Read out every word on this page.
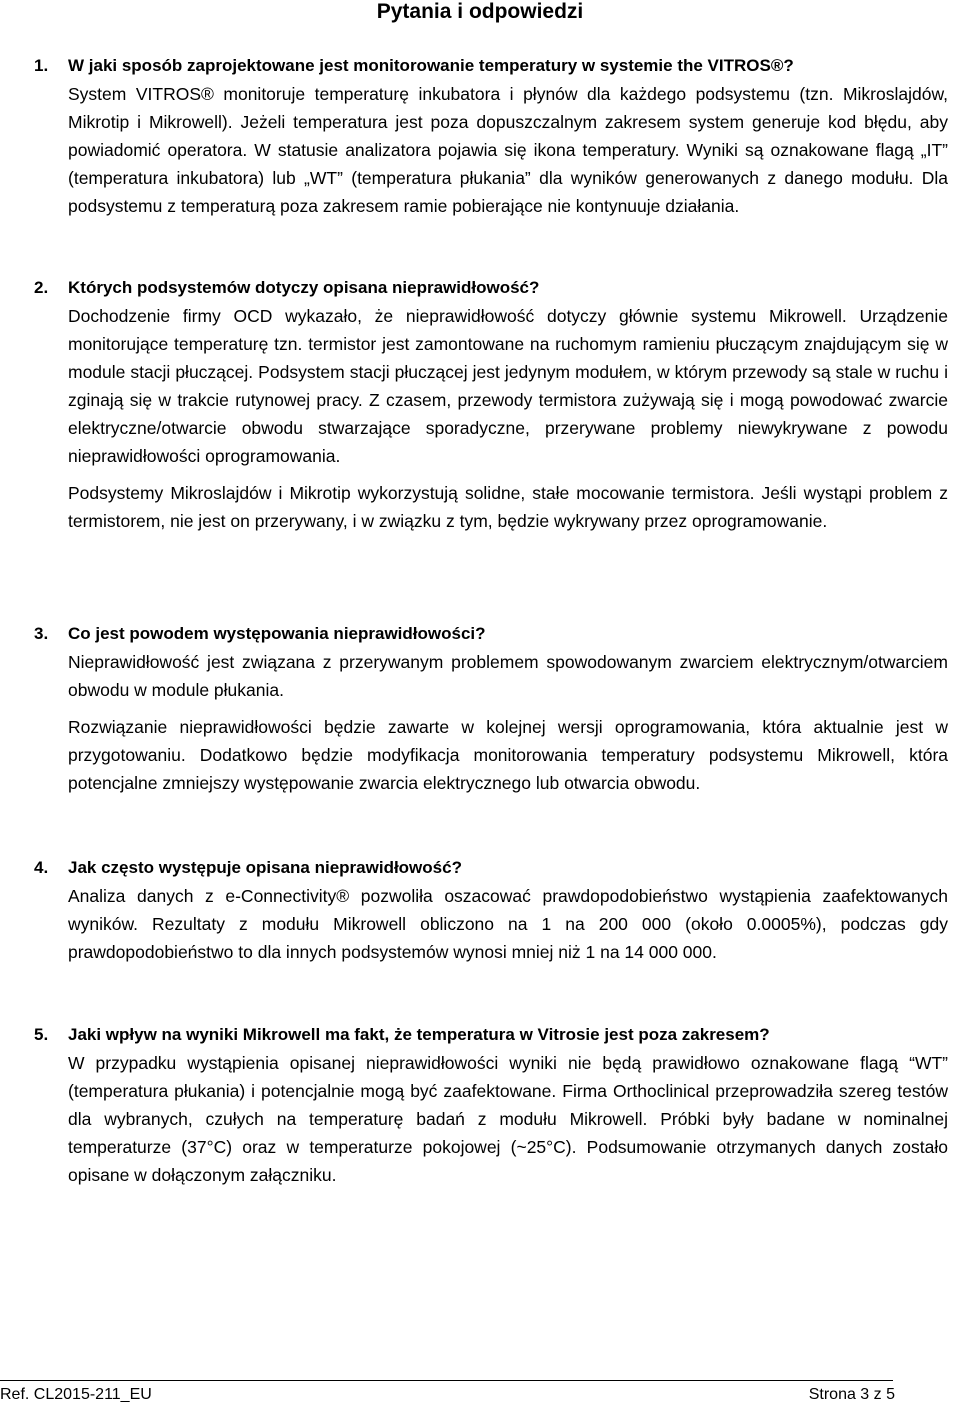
Pytania i odpowiedzi
1. W jaki sposób zaprojektowane jest monitorowanie temperatury w systemie the VITROS®?

System VITROS® monitoruje temperaturę inkubatora i płynów dla każdego podsystemu (tzn. Mikroslajdów, Mikrotip i Mikrowell). Jeżeli temperatura jest poza dopuszczalnym zakresem system generuje kod błędu, aby powiadomić operatora. W statusie analizatora pojawia się ikona temperatury. Wyniki są oznakowane flagą „IT” (temperatura inkubatora) lub „WT” (temperatura płukania” dla wyników generowanych z danego modułu. Dla podsystemu z temperaturą poza zakresem ramie pobierające nie kontynuuje działania.

2. Których podsystemów dotyczy opisana nieprawidłowość?

Dochodzenie firmy OCD wykazało, że nieprawidłowość dotyczy głównie systemu Mikrowell. Urządzenie monitorujące temperaturę tzn. termistor jest zamontowane na ruchomym ramieniu płuczącym znajdującym się w module stacji płuczącej. Podsystem stacji płuczącej jest jedynym modułem, w którym przewody są stale w ruchu i zginają się w trakcie rutynowej pracy. Z czasem, przewody termistora zużywają się i mogą powodować zwarcie elektryczne/otwarcie obwodu stwarzające sporadyczne, przerywane problemy niewykrywane z powodu nieprawidłowości oprogramowania.

Podsystemy Mikroslajdów i Mikrotip wykorzystują solidne, stałe mocowanie termistora. Jeśli wystąpi problem z termistorem, nie jest on przerywany, i w związku z tym, będzie wykrywany przez oprogramowanie.

3. Co jest powodem występowania nieprawidłowości?

Nieprawidłowość jest związana z przerywanym problemem spowodowanym zwarciem elektrycznym/otwarciem obwodu w module płukania.

Rozwiązanie nieprawidłowości będzie zawarte w kolejnej wersji oprogramowania, która aktualnie jest w przygotowaniu. Dodatkowo będzie modyfikacja monitorowania temperatury podsystemu Mikrowell, która potencjalne zmniejszy występowanie zwarcia elektrycznego lub otwarcia obwodu.

4. Jak często występuje opisana nieprawidłowość?

Analiza danych z e-Connectivity® pozwoliła oszacować prawdopodobieństwo wystąpienia zaafektowanych wyników. Rezultaty z modułu Mikrowell obliczono na 1 na 200 000 (około 0.0005%), podczas gdy prawdopodobieństwo to dla innych podsystemów wynosi mniej niż 1 na 14 000 000.

5. Jaki wpływ na wyniki Mikrowell ma fakt, że temperatura w Vitrosie jest poza zakresem?

W przypadku wystąpienia opisanej nieprawidłowości wyniki nie będą prawidłowo oznakowane flagą “WT” (temperatura płukania) i potencjalnie mogą być zaafektowane. Firma Orthoclinical przeprowadziła szereg testów dla wybranych, czułych na temperaturę badań z modułu Mikrowell. Próbki były badane w nominalnej temperaturze (37°C) oraz w temperaturze pokojowej (~25°C). Podsumowanie otrzymanych danych zostało opisane w dołączonym załączniku.

Ref. CL2015-211_EU	Strona 3 z 5
